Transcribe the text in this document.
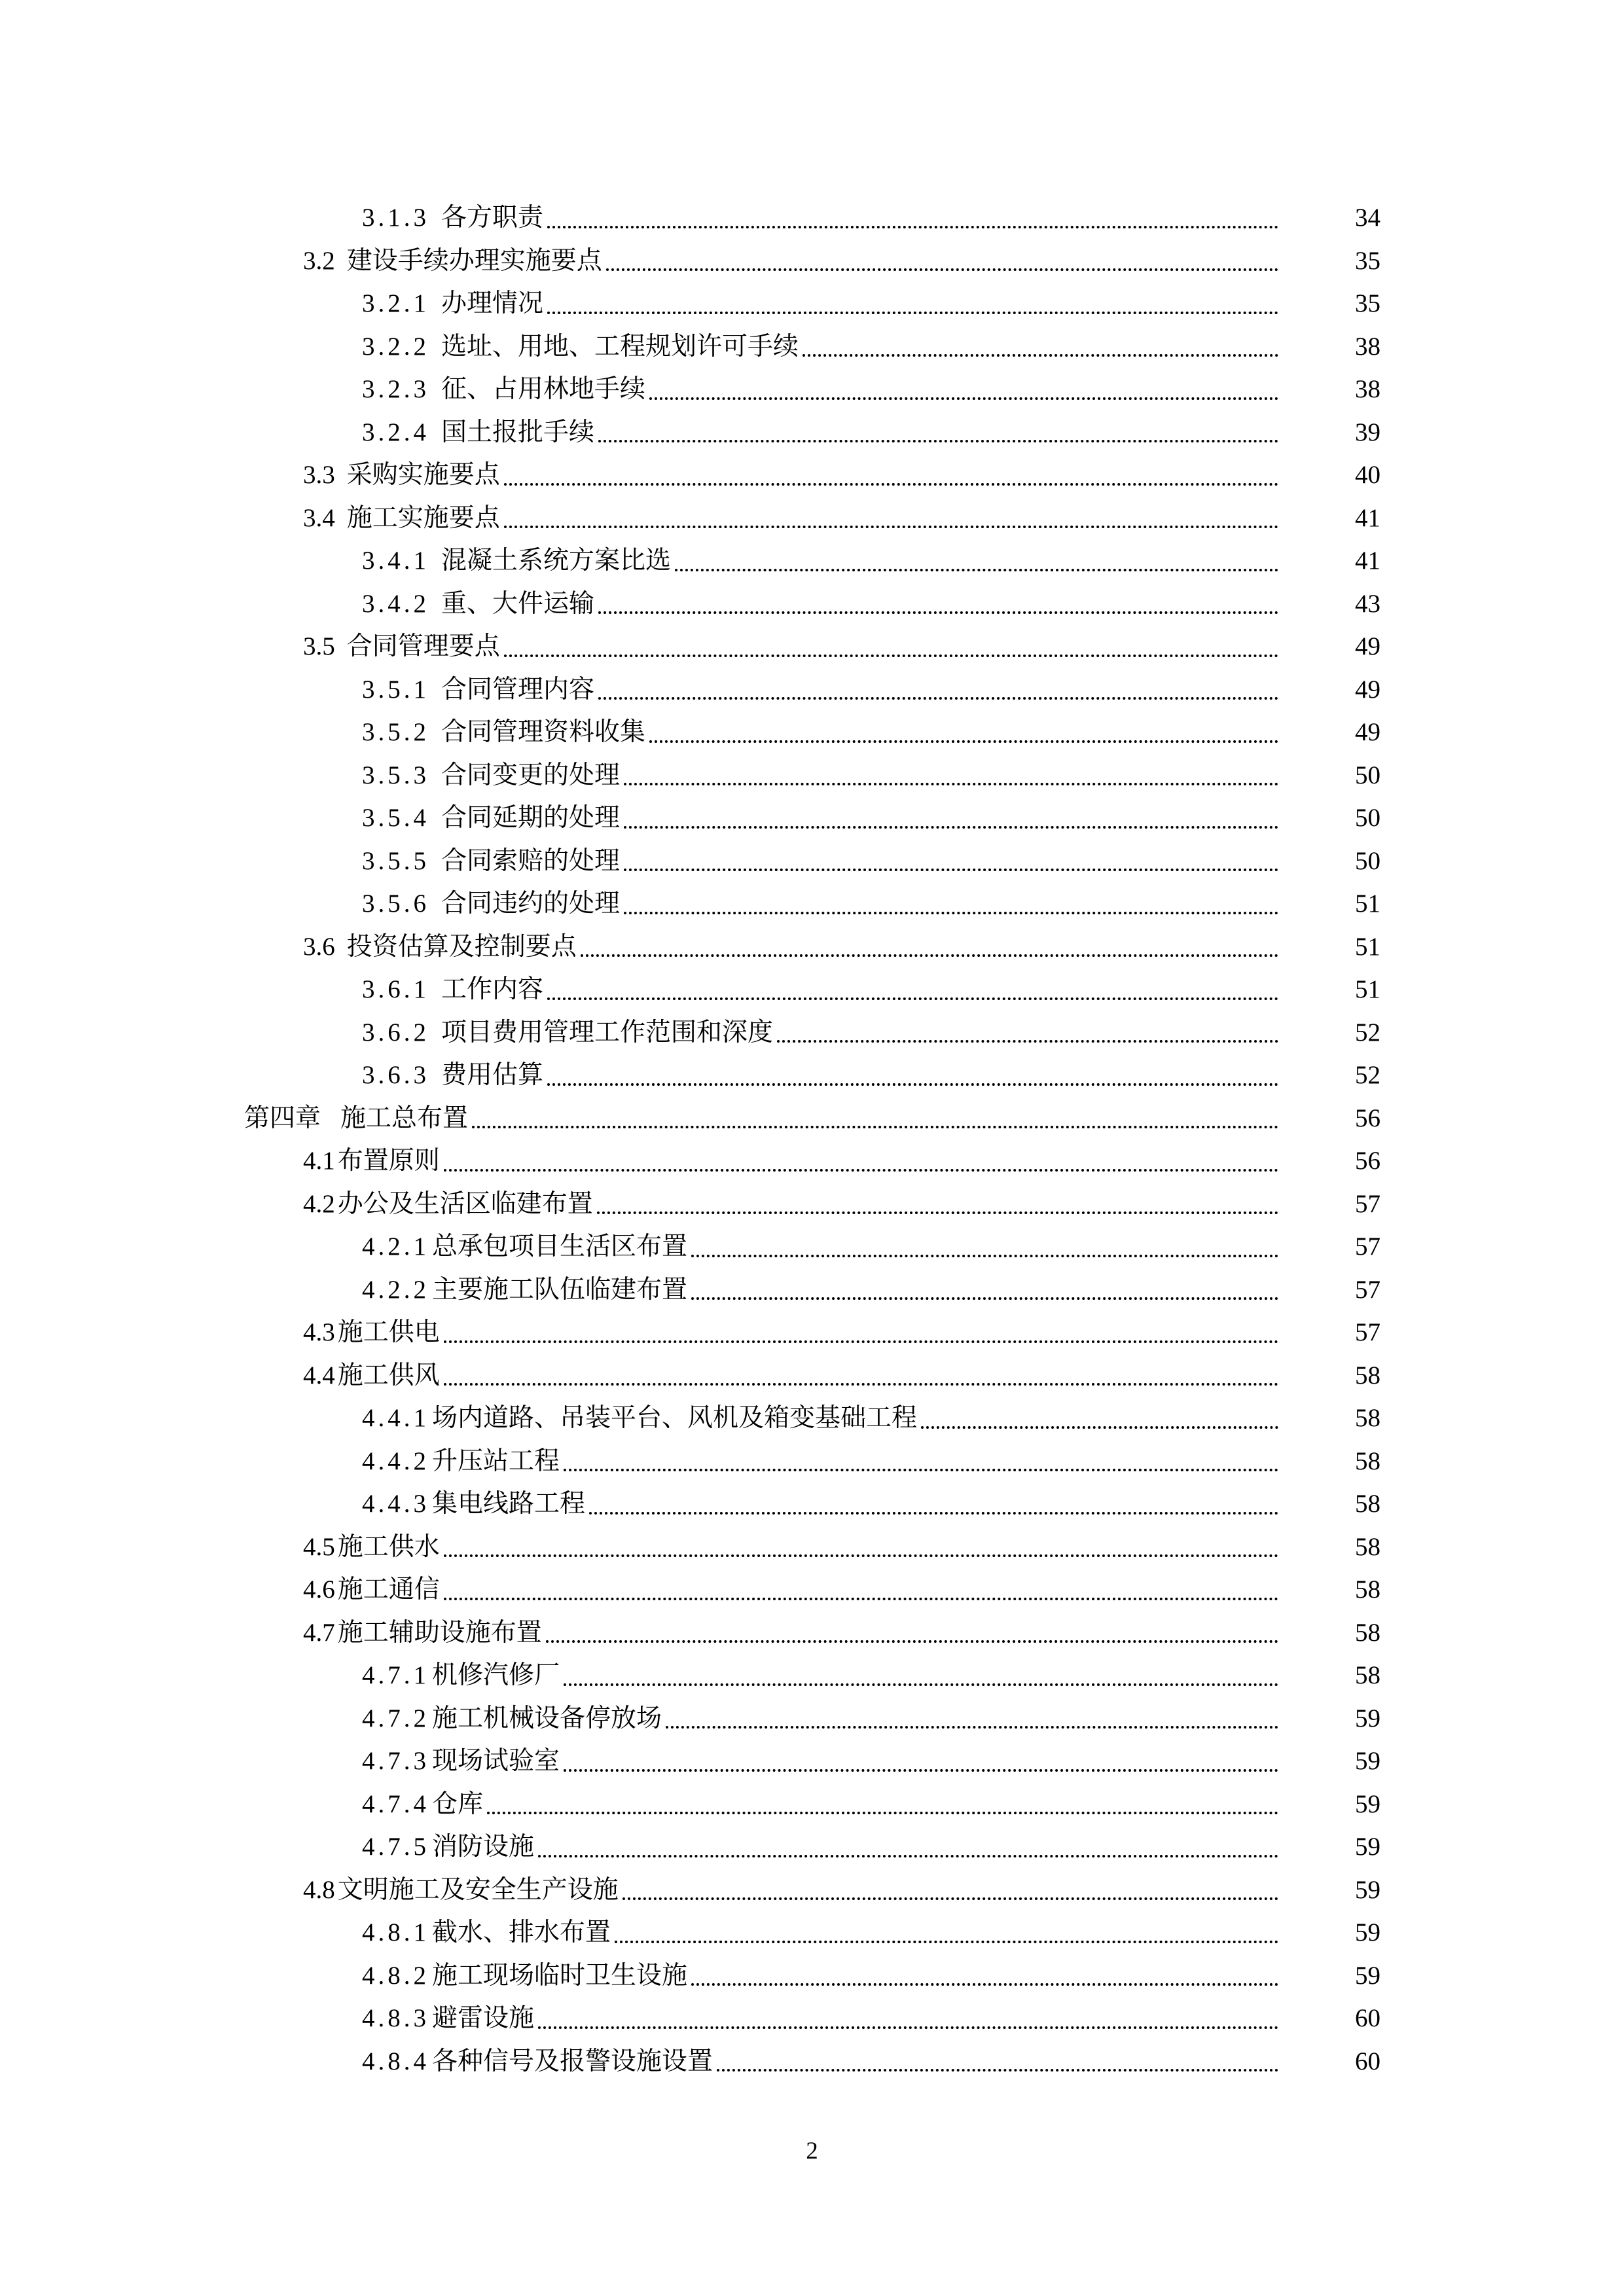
3.1.3 各方职责	34
3.2 建设手续办理实施要点	35
3.2.1 办理情况	35
3.2.2 选址、用地、工程规划许可手续	38
3.2.3 征、占用林地手续	38
3.2.4 国土报批手续	39
3.3 采购实施要点	40
3.4 施工实施要点	41
3.4.1 混凝土系统方案比选	41
3.4.2 重、大件运输	43
3.5 合同管理要点	49
3.5.1 合同管理内容	49
3.5.2 合同管理资料收集	49
3.5.3 合同变更的处理	50
3.5.4 合同延期的处理	50
3.5.5 合同索赔的处理	50
3.5.6 合同违约的处理	51
3.6 投资估算及控制要点	51
3.6.1 工作内容	51
3.6.2 项目费用管理工作范围和深度	52
3.6.3 费用估算	52
第四章 施工总布置	56
4.1 布置原则	56
4.2 办公及生活区临建布置	57
4.2.1 总承包项目生活区布置	57
4.2.2 主要施工队伍临建布置	57
4.3 施工供电	57
4.4 施工供风	58
4.4.1 场内道路、吊装平台、风机及箱变基础工程	58
4.4.2 升压站工程	58
4.4.3 集电线路工程	58
4.5 施工供水	58
4.6 施工通信	58
4.7 施工辅助设施布置	58
4.7.1 机修汽修厂	58
4.7.2 施工机械设备停放场	59
4.7.3 现场试验室	59
4.7.4 仓库	59
4.7.5 消防设施	59
4.8 文明施工及安全生产设施	59
4.8.1 截水、排水布置	59
4.8.2 施工现场临时卫生设施	59
4.8.3 避雷设施	60
4.8.4 各种信号及报警设施设置	60
2
